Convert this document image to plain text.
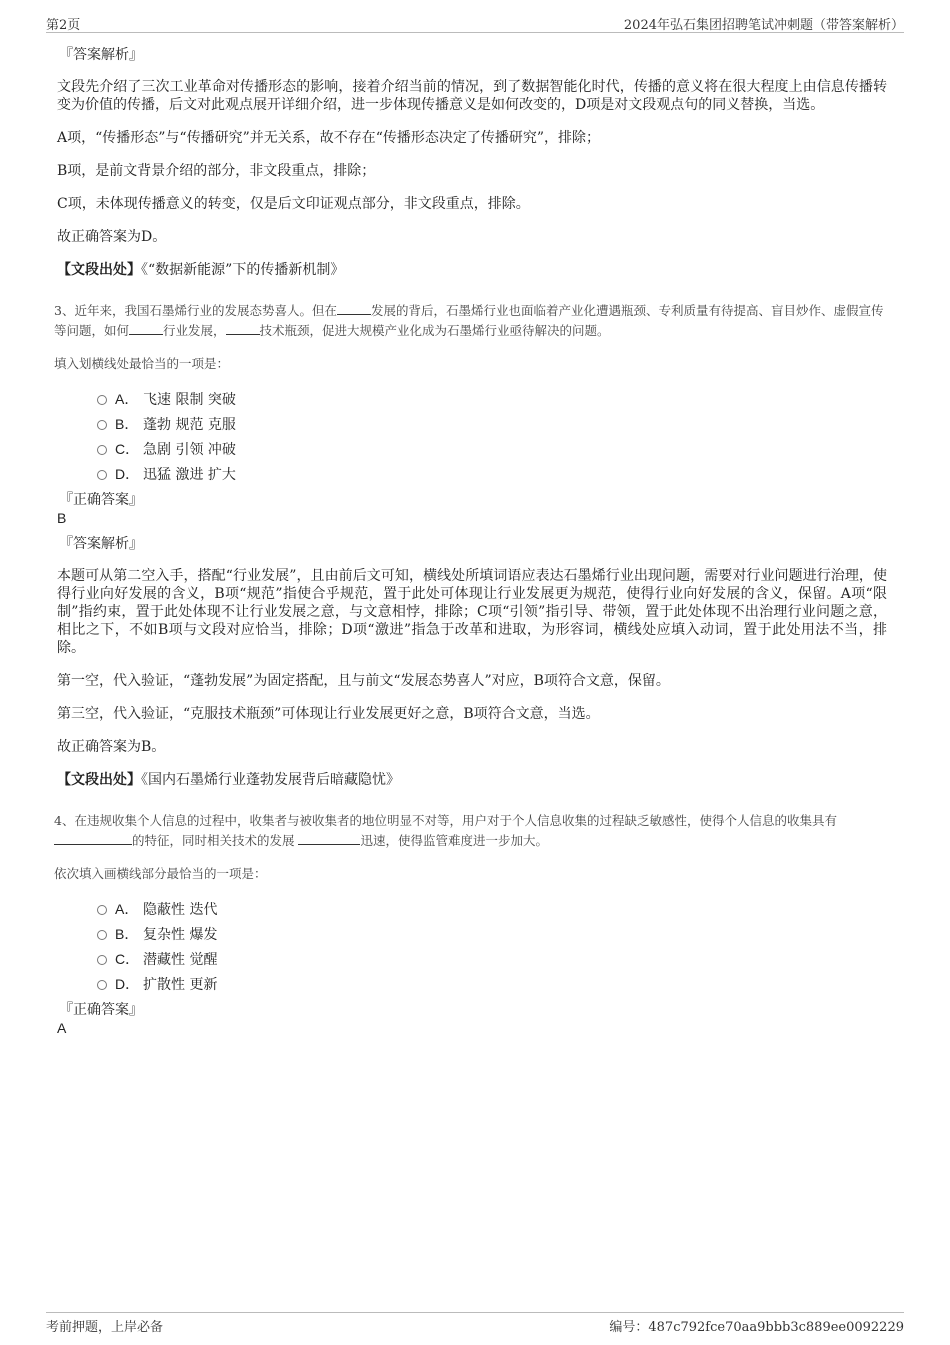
第2页	2024年弘石集团招聘笔试冲刺题（带答案解析）
『答案解析』

文段先介绍了三次工业革命对传播形态的影响，接着介绍当前的情况，到了数据智能化时代，传播的意义将在很大程度上由信息传播转变为价值的传播，后文对此观点展开详细介绍，进一步体现传播意义是如何改变的，D项是对文段观点句的同义替换，当选。

A项，“传播形态”与“传播研究”并无关系，故不存在“传播形态决定了传播研究”，排除；

B项，是前文背景介绍的部分，非文段重点，排除；

C项，未体现传播意义的转变，仅是后文印证观点部分，非文段重点，排除。

故正确答案为D。

【文段出处】《“数据新能源”下的传播新机制》
3、近年来，我国石墨烯行业的发展态势喜人。但在	发展的背后，石墨烯行业也面临着产业化遭遇瓶颈、专利质量有待提高、盲目炒作、虚假宣传等问题，如何	行业发展，	技术瓶颈，促进大规模产业化成为石墨烯行业亟待解决的问题。
填入划横线处最恰当的一项是：
A． 飞速 限制 突破
B． 蓬勃 规范 克服
C． 急剧 引领 冲破
D． 迅猛 激进 扩大
『正确答案』
B
『答案解析』

本题可从第二空入手，搭配“行业发展”，且由前后文可知，横线处所填词语应表达石墨烯行业出现问题，需要对行业问题进行治理，使得行业向好发展的含义，B项“规范”指使合乎规范，置于此处可体现让行业发展更为规范，使得行业向好发展的含义，保留。A项“限制”指约束，置于此处体现不让行业发展之意，与文意相悖，排除；C项“引领”指引导、带领，置于此处体现不出治理行业问题之意，相比之下，不如B项与文段对应恰当，排除；D项“激进”指急于改革和进取，为形容词，横线处应填入动词，置于此处用法不当，排除。

第一空，代入验证，“蓬勃发展”为固定搭配，且与前文“发展态势喜人”对应，B项符合文意，保留。

第三空，代入验证，“克服技术瓶颈”可体现让行业发展更好之意，B项符合文意，当选。

故正确答案为B。

【文段出处】《国内石墨烯行业蓬勃发展背后暗藏隐忧》
4、在违规收集个人信息的过程中，收集者与被收集者的地位明显不对等，用户对于个人信息收集的过程缺乏敏感性，使得个人信息的收集具有的特征，同时相关技术的发展	迅速，使得监管难度进一步加大。
依次填入画横线部分最恰当的一项是：
A． 隐蔽性 迭代
B． 复杂性 爆发
C． 潜藏性 觉醒
D． 扩散性 更新
『正确答案』
A
考前押题，上岸必备	编号：487c792fce70aa9bbb3c889ee0092229
